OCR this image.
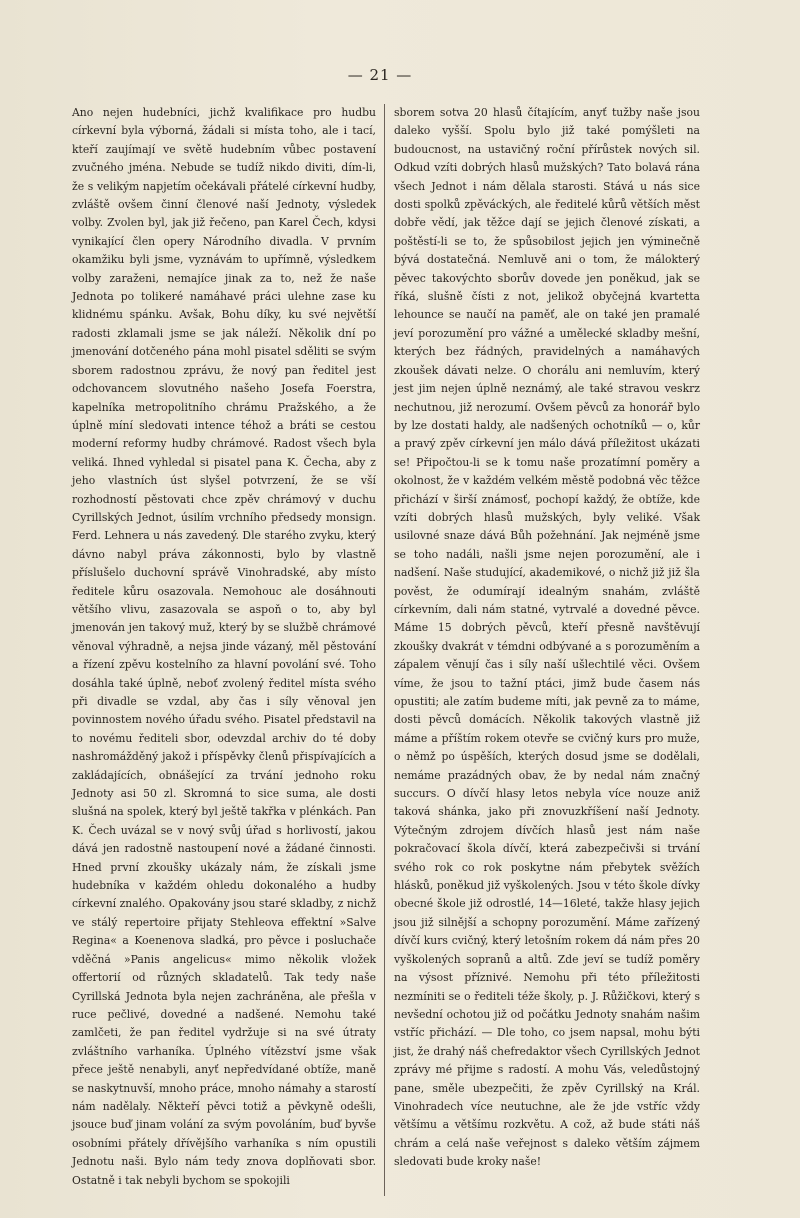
— 21 —

Ano nejen hudebníci, jichž kvalifikace pro hudbu církevní byla výborná, žádali si místa toho, ale i tací, kteří zaujímají ve světě hudebním vůbec postavení zvučného jména. Nebude se tudíž nikdo diviti, dím-li, že s velikým napjetím očekávali přátelé církevní hudby, zvláště ovšem činní členové naší Jednoty, výsledek volby. Zvolen byl, jak již řečeno, pan Karel Čech, kdysi vynikající člen opery Národního divadla. V prvním okamžiku byli jsme, vyznávám to upřímně, výsledkem volby zaraženi, nemajíce jinak za to, než že naše Jednota po tolikeré namáhavé práci ulehne zase ku klidnému spánku. Avšak, Bohu díky, ku své největší radosti zklamali jsme se jak náleží. Několik dní po jmenování dotčeného pána mohl pisatel sděliti se svým sborem radostnou zprávu, že nový pan ředitel jest odchovancem slovutného našeho Josefa Foerstra, kapelníka metropolitního chrámu Pražského, a že úplně míní sledovati intence téhož a bráti se cestou moderní reformy hudby chrámové. Radost všech byla veliká. Ihned vyhledal si pisatel pana K. Čecha, aby z jeho vlastních úst slyšel potvrzení, že se vší rozhodností pěstovati chce zpěv chrámový v duchu Cyrillských Jednot, úsilím vrchního předsedy monsign. Ferd. Lehnera u nás zavedený. Dle starého zvyku, který dávno nabyl práva zákonnosti, bylo by vlastně příslušelo duchovní správě Vinohradské, aby místo ředitele kůru osazovala. Nemohouc ale dosáhnouti většího vlivu, zasazovala se aspoň o to, aby byl jmenován jen takový muž, který by se službě chrámové věnoval výhradně, a nejsa jinde vázaný, měl pěstování a řízení zpěvu kostelního za hlavní povolání své. Toho dosáhla také úplně, neboť zvolený ředitel místa svého při divadle se vzdal, aby čas i síly věnoval jen povinnostem nového úřadu svého. Pisatel představil na to novému řediteli sbor, odevzdal archiv do té doby nashromážděný jakož i příspěvky členů přispívajících a zakládajících, obnášející za trvání jednoho roku Jednoty asi 50 zl. Skromná to sice suma, ale dosti slušná na spolek, který byl ještě takřka v plénkách. Pan K. Čech uvázal se v nový svůj úřad s horlivostí, jakou dává jen radostně nastoupení nové a žádané činnosti. Hned první zkoušky ukázaly nám, že získali jsme hudebníka v každém ohledu dokonalého a hudby církevní znalého. Opakovány jsou staré skladby, z nichž ve stálý repertoire přijaty Stehleova effektní »Salve Regina« a Koenenova sladká, pro pěvce i posluchače vděčná »Panis angelicus« mimo několik vložek offertorií od různých skladatelů. Tak tedy naše Cyrillská Jednota byla nejen zachráněna, ale přešla v ruce pečlivé, dovedné a nadšené. Nemohu také zamlčeti, že pan ředitel vydržuje si na své útraty zvláštního varhaníka. Úplného vítězství jsme však přece ještě nenabyli, anyť nepředvídané obtíže, maně se naskytnuvší, mnoho práce, mnoho námahy a starostí nám nadělaly. Někteří pěvci totiž a pěvkyně odešli, jsouce buď jinam volání za svým povoláním, buď byvše osobními přátely dřívějšího varhaníka s ním opustili Jednotu naši. Bylo nám tedy znova doplňovati sbor. Ostatně i tak nebyli bychom se spokojili

sborem sotva 20 hlasů čítajícím, anyť tužby naše jsou daleko vyšší. Spolu bylo již také pomýšleti na budoucnost, na ustavičný roční přírůstek nových sil. Odkud vzíti dobrých hlasů mužských? Tato bolavá rána všech Jednot i nám dělala starosti. Stává u nás sice dosti spolků zpěváckých, ale ředitelé kůrů větších měst dobře vědí, jak těžce dají se jejich členové získati, a poštěstí-li se to, že spůsobilost jejich jen výminečně bývá dostatečná. Nemluvě ani o tom, že málokterý pěvec takovýchto sborův dovede jen poněkud, jak se říká, slušně čísti z not, jelikož obyčejná kvartetta lehounce se naučí na paměť, ale on také jen pramalé jeví porozumění pro vážné a umělecké skladby mešní, kterých bez řádných, pravidelných a namáhavých zkoušek dávati nelze. O chorálu ani nemluvím, který jest jim nejen úplně neznámý, ale také stravou veskrz nechutnou, již nerozumí. Ovšem pěvců za honorář bylo by lze dostati haldy, ale nadšených ochotníků — o, kůr a pravý zpěv církevní jen málo dává příležitost ukázati se! Připočtou-li se k tomu naše prozatímní poměry a okolnost, že v každém velkém městě podobná věc těžce přichází v širší známosť, pochopí každý, že obtíže, kde vzíti dobrých hlasů mužských, byly veliké. Však usilovné snaze dává Bůh požehnání. Jak nejméně jsme se toho nadáli, našli jsme nejen porozumění, ale i nadšení. Naše studující, akademikové, o nichž již již šla pověst, že odumírají idealným snahám, zvláště církevním, dali nám statné, vytrvalé a dovedné pěvce. Máme 15 dobrých pěvců, kteří přesně navštěvují zkoušky dvakrát v témdni odbývané a s porozuměním a zápalem věnují čas i síly naší ušlechtilé věci. Ovšem víme, že jsou to tažní ptáci, jimž bude časem nás opustiti; ale zatím budeme míti, jak pevně za to máme, dosti pěvců domácích. Několik takových vlastně již máme a příštím rokem otevře se cvičný kurs pro muže, o němž po úspěších, kterých dosud jsme se dodělali, nemáme prazádných obav, že by nedal nám značný succurs. O dívčí hlasy letos nebyla více nouze aniž taková shánka, jako při znovuzkříšení naší Jednoty. Výtečným zdrojem dívčích hlasů jest nám naše pokračovací škola dívčí, která zabezpečivši si trvání svého rok co rok poskytne nám přebytek svěžích hlásků, poněkud již vyškolených. Jsou v této škole dívky obecné škole již odrostlé, 14—16leté, takže hlasy jejich jsou již silnější a schopny porozumění. Máme zařízený dívčí kurs cvičný, který letošním rokem dá nám přes 20 vyškolených sopranů a altů. Zde jeví se tudíž poměry na výsost příznivé. Nemohu při této příležitosti nezmíniti se o řediteli téže školy, p. J. Růžičkovi, který s nevšední ochotou již od počátku Jednoty snahám našim vstříc přichází. — Dle toho, co jsem napsal, mohu býti jist, že drahý náš chefredaktor všech Cyrillských Jednot zprávy mé přijme s radostí. A mohu Vás, veledůstojný pane, směle ubezpečiti, že zpěv Cyrillský na Král. Vinohradech více neutuchne, ale že jde vstříc vždy většímu a většímu rozkvětu. A což, až bude státi náš chrám a celá naše veřejnost s daleko větším zájmem sledovati bude kroky naše!
